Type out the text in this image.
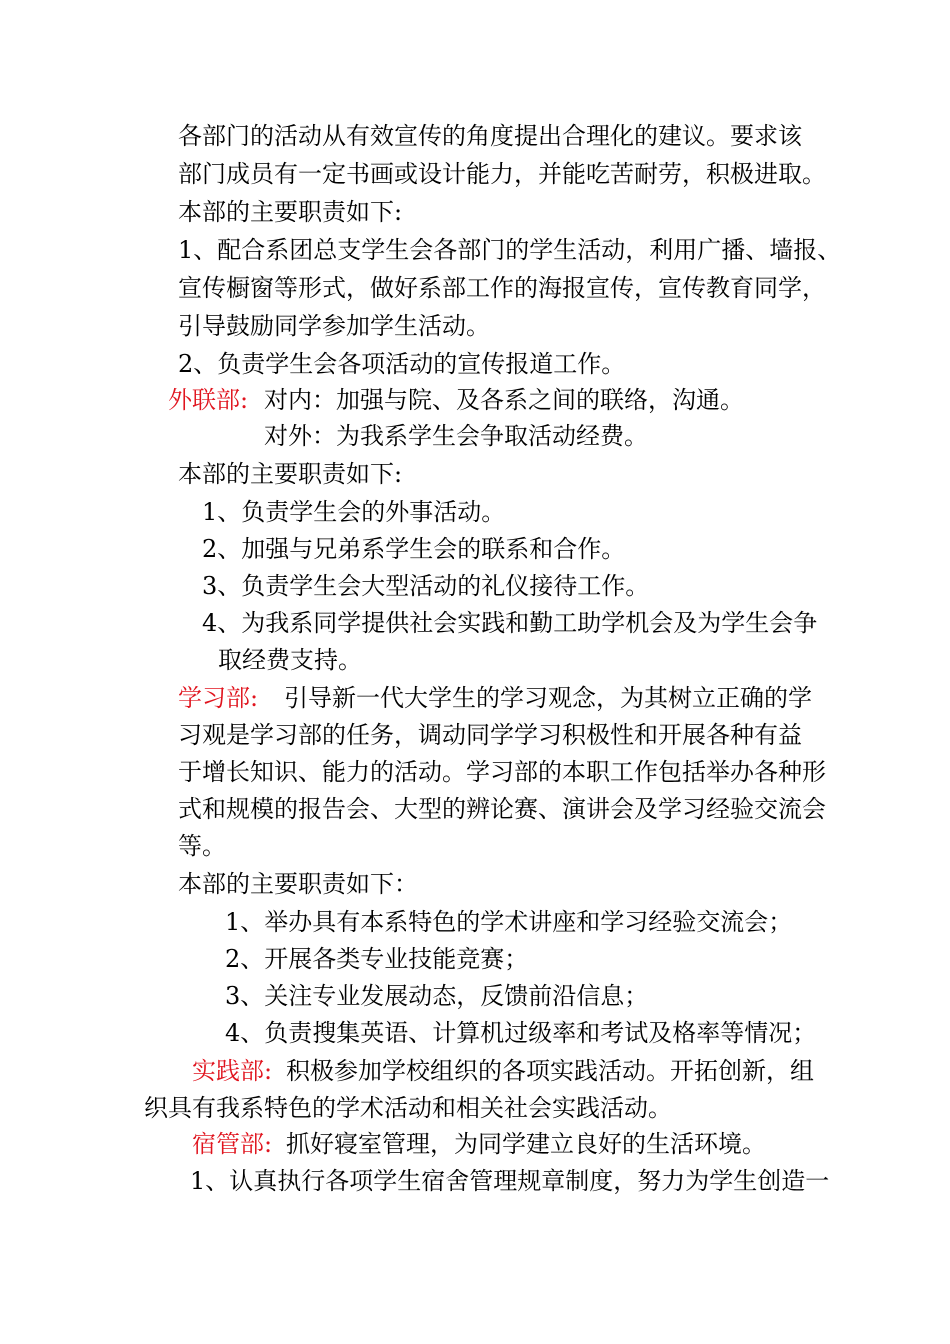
各部门的活动从有效宣传的角度提出合理化的建议。要求该
部门成员有一定书画或设计能力，并能吃苦耐劳，积极进取。
本部的主要职责如下:
1、配合系团总支学生会各部门的学生活动，利用广播、墙报、
宣传橱窗等形式，做好系部工作的海报宣传，宣传教育同学，
引导鼓励同学参加学生活动。
2、负责学生会各项活动的宣传报道工作。
外联部: 对内：加强与院、及各系之间的联络，沟通。
对外：为我系学生会争取活动经费。
本部的主要职责如下:
1、负责学生会的外事活动。
2、加强与兄弟系学生会的联系和合作。
3、负责学生会大型活动的礼仪接待工作。
4、为我系同学提供社会实践和勤工助学机会及为学生会争
取经费支持。
学习部: 引导新一代大学生的学习观念，为其树立正确的学
习观是学习部的任务，调动同学学习积极性和开展各种有益
于增长知识、能力的活动。学习部的本职工作包括举办各种形
式和规模的报告会、大型的辨论赛、演讲会及学习经验交流会
等。
本部的主要职责如下：
1、举办具有本系特色的学术讲座和学习经验交流会；
2、开展各类专业技能竞赛；
3、关注专业发展动态，反馈前沿信息；
4、负责搜集英语、计算机过级率和考试及格率等情况；
实践部: 积极参加学校组织的各项实践活动。开拓创新，组
织具有我系特色的学术活动和相关社会实践活动。
宿管部: 抓好寝室管理，为同学建立良好的生活环境。
1、认真执行各项学生宿舍管理规章制度，努力为学生创造一
